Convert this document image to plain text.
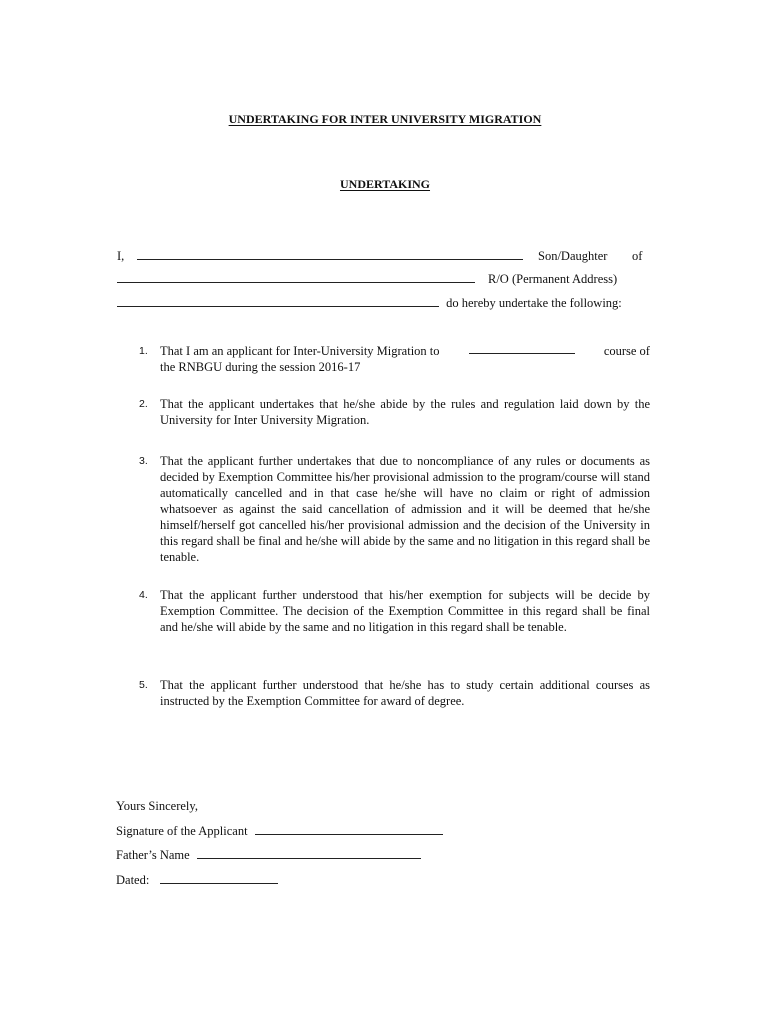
UNDERTAKING FOR INTER UNIVERSITY MIGRATION
UNDERTAKING
I,	Son/Daughter of
R/O (Permanent Address)
do hereby undertake the following:
1. That I am an applicant for Inter-University Migration to	course of
the RNBGU during the session 2016-17
2. That the applicant undertakes that he/she abide by the rules and regulation laid down by the University for Inter University Migration.
3. That the applicant further undertakes that due to noncompliance of any rules or documents as decided by Exemption Committee his/her provisional admission to the program/course will stand automatically cancelled and in that case he/she will have no claim or right of admission whatsoever as against the said cancellation of admission and it will be deemed that he/she himself/herself got cancelled his/her provisional admission and the decision of the University in this regard shall be final and he/she will abide by the same and no litigation in this regard shall be tenable.
4. That the applicant further understood that his/her exemption for subjects will be decide by Exemption Committee. The decision of the Exemption Committee in this regard shall be final and he/she will abide by the same and no litigation in this regard shall be tenable.
5. That the applicant further understood that he/she has to study certain additional courses as instructed by the Exemption Committee for award of degree.
Yours Sincerely,
Signature of the Applicant
Father’s Name
Dated:
